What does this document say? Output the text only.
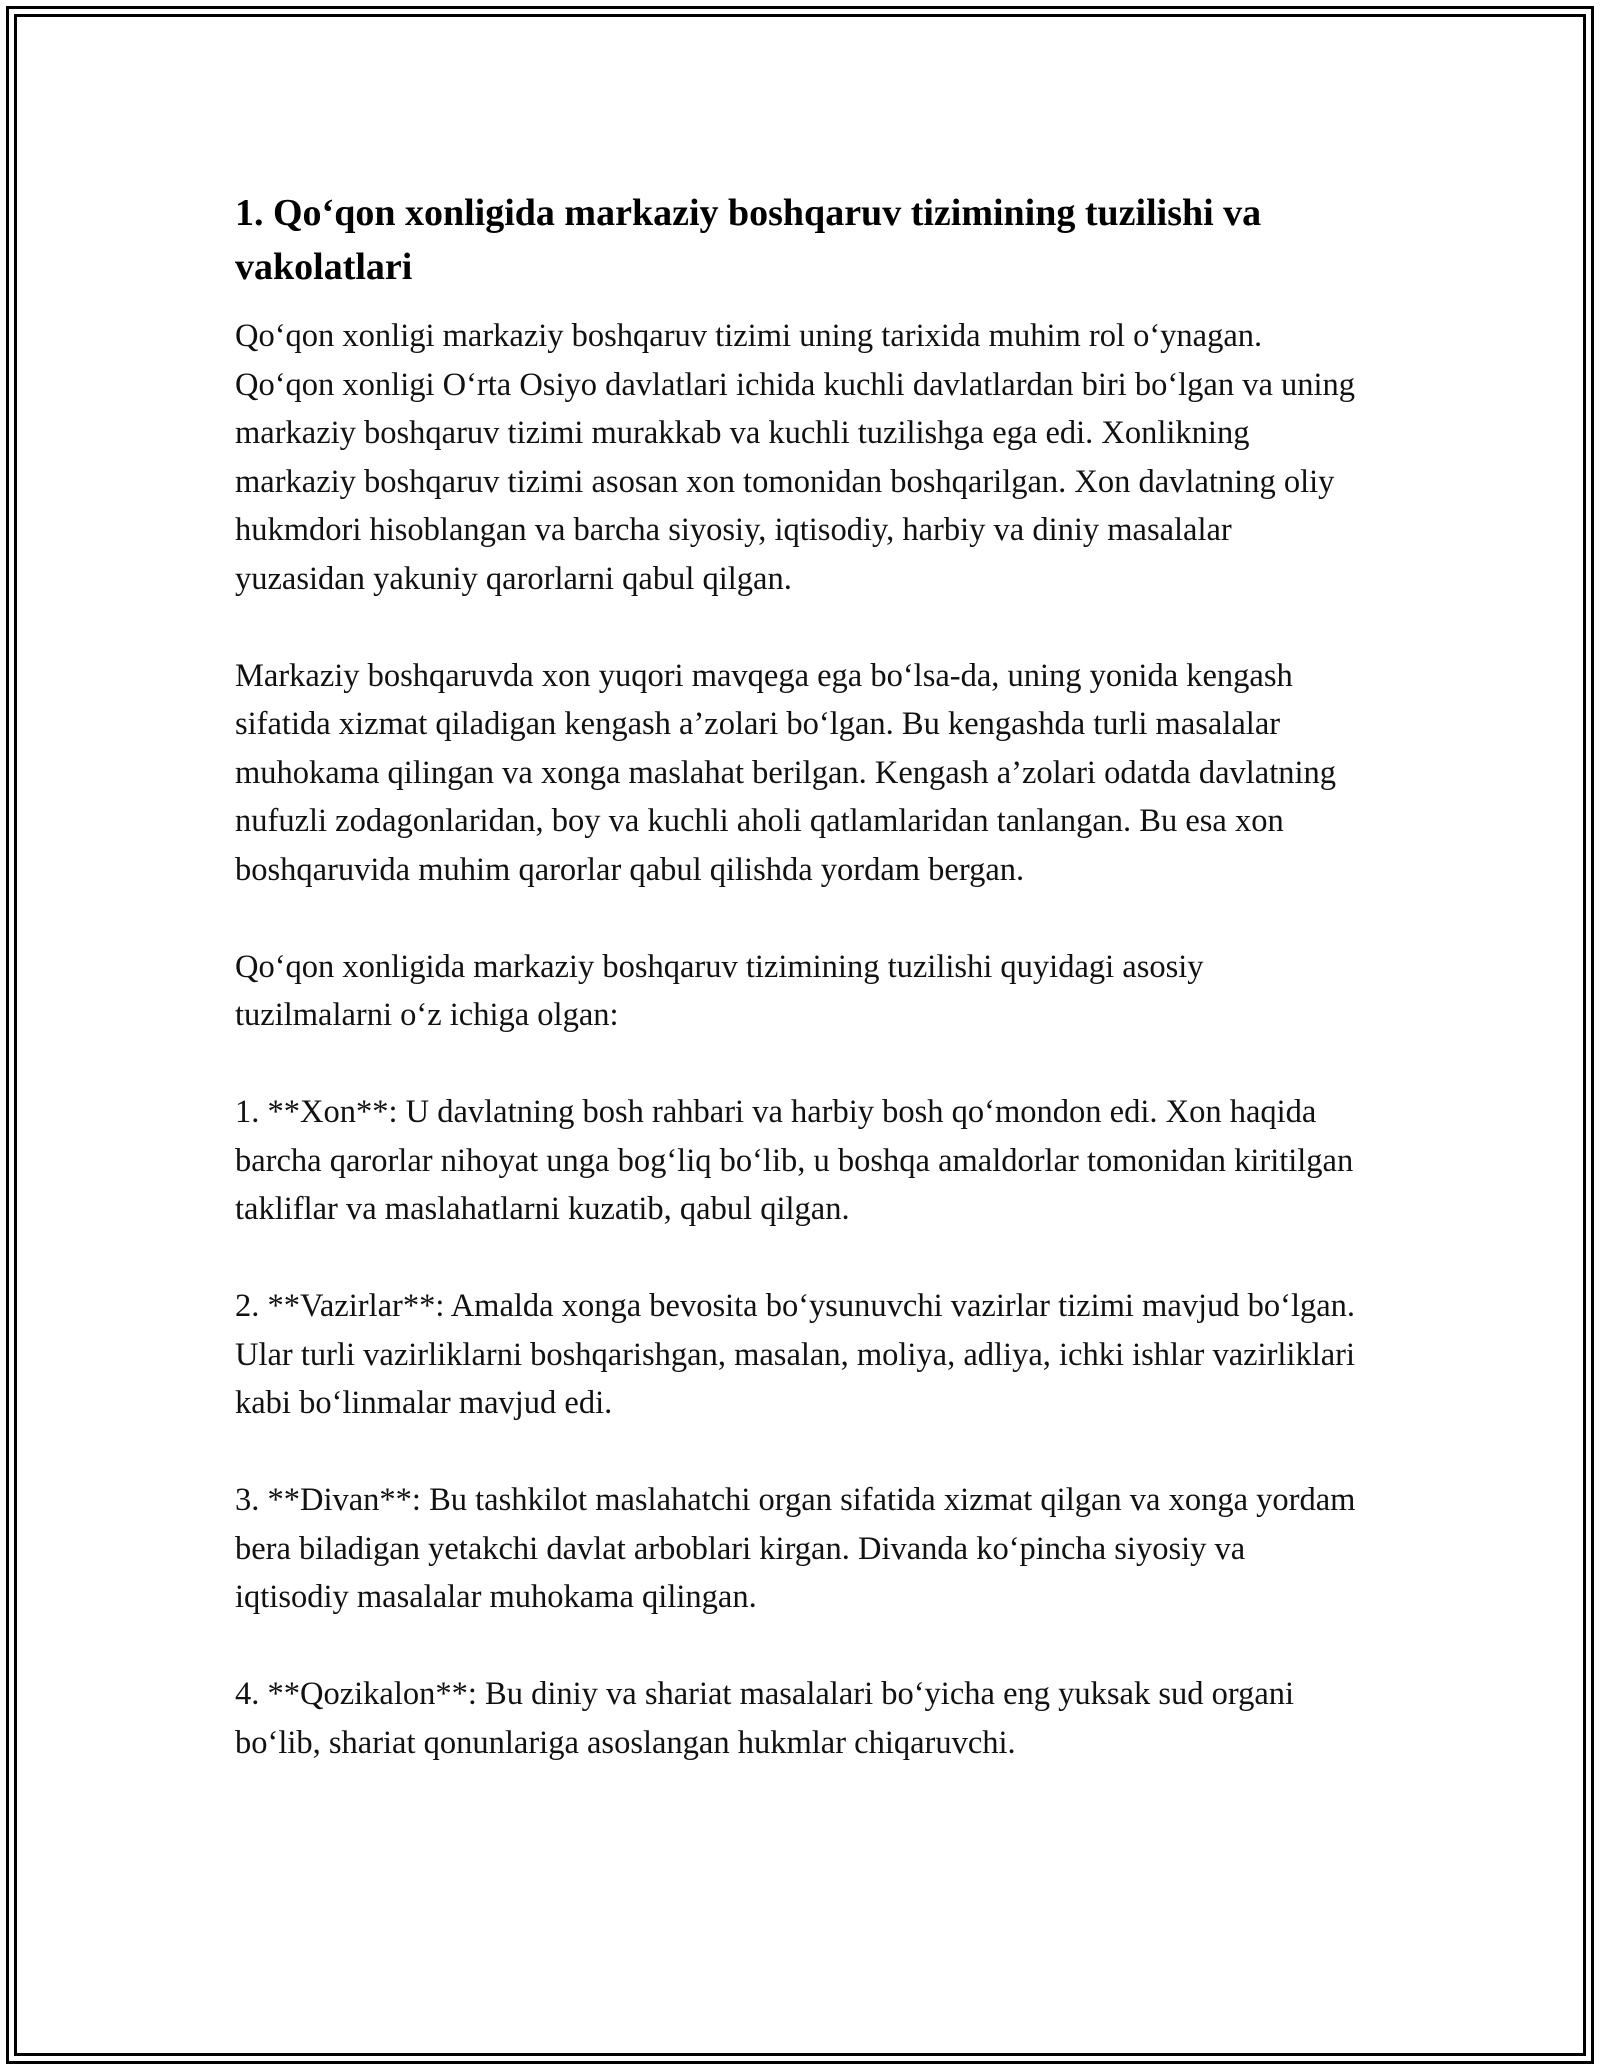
1. Qo‘qon xonligida markaziy boshqaruv tizimining tuzilishi va vakolatlari

Qo‘qon xonligi markaziy boshqaruv tizimi uning tarixida muhim rol o‘ynagan. Qo‘qon xonligi O‘rta Osiyo davlatlari ichida kuchli davlatlardan biri bo‘lgan va uning markaziy boshqaruv tizimi murakkab va kuchli tuzilishga ega edi. Xonlikning markaziy boshqaruv tizimi asosan xon tomonidan boshqarilgan. Xon davlatning oliy hukmdori hisoblangan va barcha siyosiy, iqtisodiy, harbiy va diniy masalalar yuzasidan yakuniy qarorlarni qabul qilgan.

Markaziy boshqaruvda xon yuqori mavqega ega bo‘lsa-da, uning yonida kengash sifatida xizmat qiladigan kengash a’zolari bo‘lgan. Bu kengashda turli masalalar muhokama qilingan va xonga maslahat berilgan. Kengash a’zolari odatda davlatning nufuzli zodagonlaridan, boy va kuchli aholi qatlamlaridan tanlangan. Bu esa xon boshqaruvida muhim qarorlar qabul qilishda yordam bergan.

Qo‘qon xonligida markaziy boshqaruv tizimining tuzilishi quyidagi asosiy tuzilmalarni o‘z ichiga olgan:

1. **Xon**: U davlatning bosh rahbari va harbiy bosh qo‘mondon edi. Xon haqida barcha qarorlar nihoyat unga bog‘liq bo‘lib, u boshqa amaldorlar tomonidan kiritilgan takliflar va maslahatlarni kuzatib, qabul qilgan.

2. **Vazirlar**: Amalda xonga bevosita bo‘ysunuvchi vazirlar tizimi mavjud bo‘lgan. Ular turli vazirliklarni boshqarishgan, masalan, moliya, adliya, ichki ishlar vazirliklari kabi bo‘linmalar mavjud edi.

3. **Divan**: Bu tashkilot maslahatchi organ sifatida xizmat qilgan va xonga yordam bera biladigan yetakchi davlat arboblari kirgan. Divanda ko‘pincha siyosiy va iqtisodiy masalalar muhokama qilingan.

4. **Qozikalon**: Bu diniy va shariat masalalari bo‘yicha eng yuksak sud organi bo‘lib, shariat qonunlariga asoslangan hukmlar chiqaruvchi.
